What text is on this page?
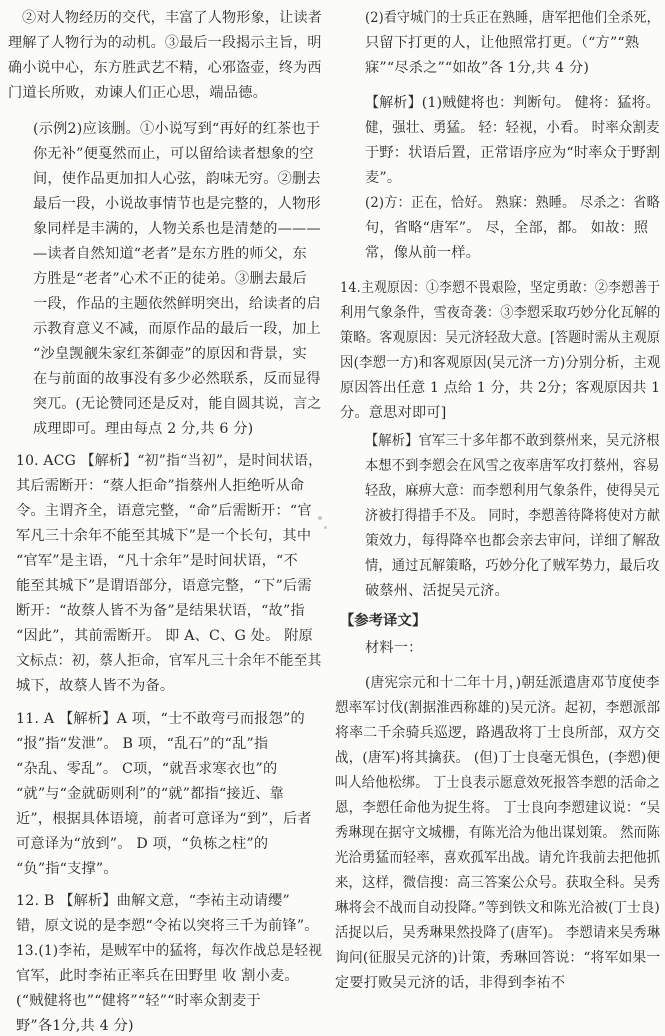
②对人物经历的交代，丰富了人物形象，让读者
理解了人物行为的动机。③最后一段揭示主旨，明
确小说中心，东方胜武艺不精，心邪盗壶，终为西
门道长所败，劝谏人们正心思，端品德。
(示例2)应该删。①小说写到“再好的红茶也于
你无补”便戛然而止，可以留给读者想象的空
间，使作品更加扣人心弦，韵味无穷。②删去
最后一段，小说故事情节也是完整的，人物形
象同样是丰满的，人物关系也是清楚的———
—读者自然知道“老者”是东方胜的师父，东
方胜是“老者”心术不正的徒弟。③删去最后
一段，作品的主题依然鲜明突出，给读者的启
示教育意义不减，而原作品的最后一段，加上
“沙皇觊觎朱家红茶御壶”的原因和背景，实
在与前面的故事没有多少必然联系，反而显得
突兀。(无论赞同还是反对，能自圆其说，言之
成理即可。理由每点 2 分,共 6 分)
10. ACG 【解析】“初”指“当初”，是时间状语，
其后需断开：“蔡人拒命”指蔡州人拒绝听从命
令。主谓齐全，语意完整，“命”后需断开：“官
军凡三十余年不能至其城下”是一个长句，其中
“官军”是主语，“凡十余年”是时间状语，“不
能至其城下”是谓语部分，语意完整，“下”后需
断开：“故蔡人皆不为备”是结果状语，“故”指
“因此”，其前需断开。 即 A、C、G 处。 附原
文标点：初，蔡人拒命，官军凡三十余年不能至其
城下，故蔡人皆不为备。
11. A 【解析】A 项，“士不敢弯弓而报怨”的
“报”指“发泄”。 B 项，“乱石”的“乱”指
“杂乱、零乱”。 C项，“就吾求寒衣也”的
“就”与“金就砺则利”的“就”都指“接近、靠
近”，根据具体语境，前者可意译为“到”，后者
可意译为“放到”。 D 项，“负栋之柱”的
“负”指“支撑”。
12. B 【解析】曲解文意，“李祐主动请缨”
错，原文说的是李愬“令祐以突将三千为前锋”。
13.(1)李祐，是贼军中的猛将，每次作战总是轻视
官军，此时李祐正率兵在田野里 收 割小麦。
(“贼健将也”“健将”“轻”“时率众割麦于
野”各1分,共 4 分)
(2)看守城门的士兵正在熟睡，唐军把他们全杀死，
只留下打更的人，让他照常打更。（“方”“熟
寐”“尽杀之”“如故”各 1分,共 4 分)
【解析】(1)贼健将也：判断句。 健将：猛将。
健，强壮、勇猛。 轻：轻视，小看。 时率众割麦
于野：状语后置，正常语序应为“时率众于野割
麦”。
(2)方：正在，恰好。 熟寐：熟睡。 尽杀之：省略
句，省略“唐军”。 尽，全部，都。 如故：照
常，像从前一样。
14.主观原因：①李愬不畏艰险，坚定勇敢：②李愬善于
利用气象条件，雪夜奇袭：③李愬采取巧妙分化瓦解的
策略。客观原因：吴元济轻敌大意。[答题时需从主观原
因(李愬一方)和客观原因(吴元济一方)分别分析，主观
原因答出任意 1 点给 1 分，共 2分；客观原因共 1
分。意思对即可]
【解析】官军三十多年都不敢到蔡州来，吴元济根
本想不到李愬会在风雪之夜率唐军攻打蔡州，容易
轻敌，麻痹大意：而李愬利用气象条件，使得吴元
济被打得措手不及。 同时，李愬善待降将使对方献
策效力，每得降卒也都会亲去审问，详细了解敌
情，通过瓦解策略，巧妙分化了贼军势力，最后攻
破蔡州、活捉吴元济。
【参考译文】
材料一：
(唐宪宗元和十二年十月，)朝廷派遣唐邓节度使李
愬率军讨伐(割据淮西称雄的)吴元济。起初，李愬派部
将率二千余骑兵巡逻，路遇敌将丁士良所部，双方交
战，(唐军)将其擒获。 (但)丁士良毫无惧色，(李愬)便
叫人给他松绑。 丁士良表示愿意效死报答李愬的活命之
恩，李愬任命他为捉生将。 丁士良向李愬建议说：“吴
秀琳现在据守文城栅，有陈光洽为他出谋划策。 然而陈
光洽勇猛而轻率，喜欢孤军出战。请允许我前去把他抓
来，这样，微信搜：高三答案公众号。获取全科。吴秀
琳将会不战而自动投降。”等到铁文和陈光洽被(丁士良)
活捉以后，吴秀琳果然投降了(唐军)。 李愬请来吴秀琳
询问(征服吴元济的)计策，秀琳回答说：“将军如果一
定要打败吴元济的话，非得到李祐不
